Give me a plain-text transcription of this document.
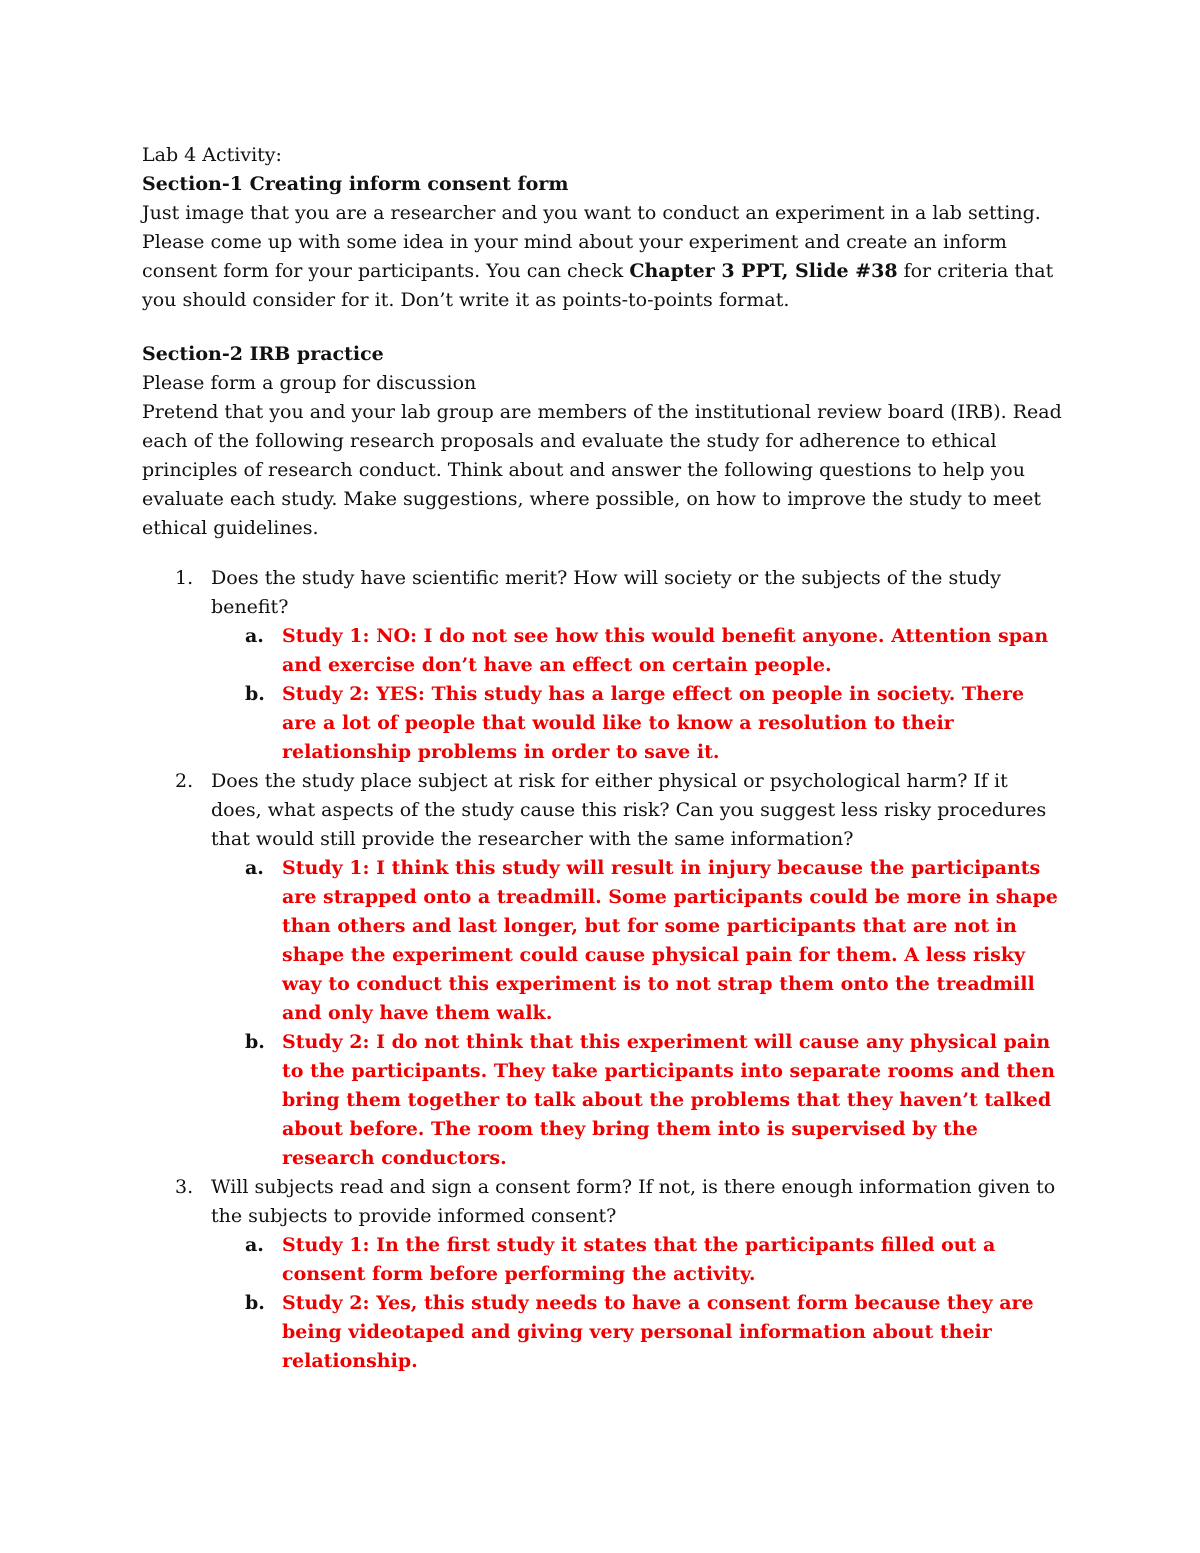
Lab 4 Activity:

Section-1 Creating inform consent form

Just image that you are a researcher and you want to conduct an experiment in a lab setting. Please come up with some idea in your mind about your experiment and create an inform consent form for your participants. You can check Chapter 3 PPT, Slide #38 for criteria that you should consider for it. Don’t write it as points-to-points format.

Section-2 IRB practice

Please form a group for discussion

Pretend that you and your lab group are members of the institutional review board (IRB). Read each of the following research proposals and evaluate the study for adherence to ethical principles of research conduct. Think about and answer the following questions to help you evaluate each study. Make suggestions, where possible, on how to improve the study to meet ethical guidelines.

1. Does the study have scientific merit? How will society or the subjects of the study benefit?
a. Study 1: NO: I do not see how this would benefit anyone. Attention span and exercise don’t have an effect on certain people.
b. Study 2: YES: This study has a large effect on people in society. There are a lot of people that would like to know a resolution to their relationship problems in order to save it.
2. Does the study place subject at risk for either physical or psychological harm? If it does, what aspects of the study cause this risk? Can you suggest less risky procedures that would still provide the researcher with the same information?
a. Study 1: I think this study will result in injury because the participants are strapped onto a treadmill. Some participants could be more in shape than others and last longer, but for some participants that are not in shape the experiment could cause physical pain for them. A less risky way to conduct this experiment is to not strap them onto the treadmill and only have them walk.
b. Study 2: I do not think that this experiment will cause any physical pain to the participants. They take participants into separate rooms and then bring them together to talk about the problems that they haven’t talked about before. The room they bring them into is supervised by the research conductors.
3. Will subjects read and sign a consent form? If not, is there enough information given to the subjects to provide informed consent?
a. Study 1: In the first study it states that the participants filled out a consent form before performing the activity.
b. Study 2: Yes, this study needs to have a consent form because they are being videotaped and giving very personal information about their relationship.
